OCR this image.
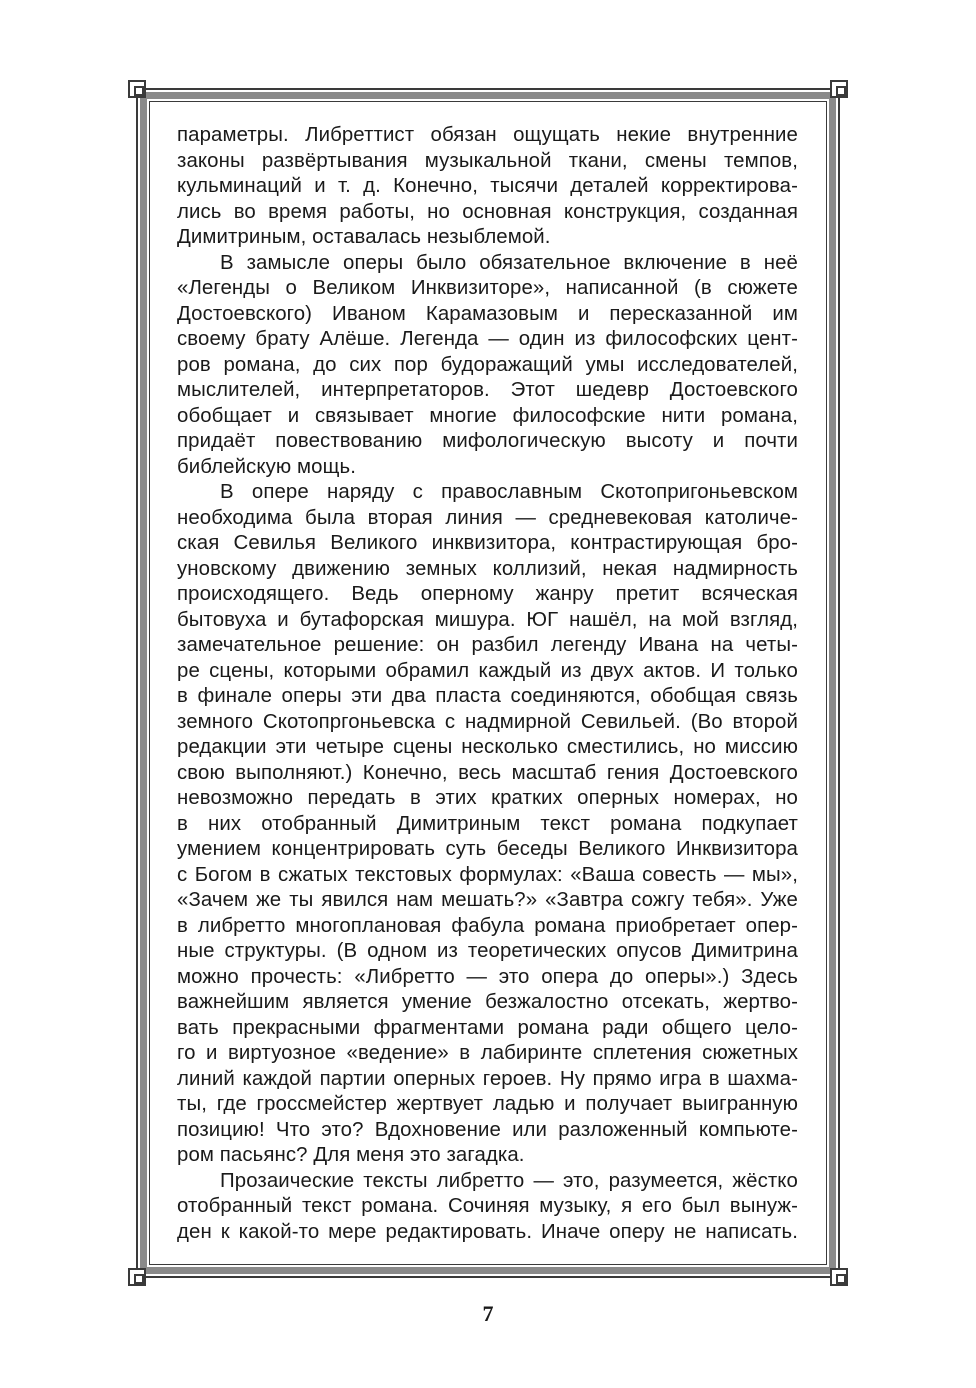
параметры. Либреттист обязан ощущать некие внутренние

законы развёртывания музыкальной ткани, смены темпов,

кульминаций и т. д. Конечно, тысячи деталей корректирова-

лись во время работы, но основная конструкция, созданная

Димитриным, оставалась незыблемой.

В замысле оперы было обязательное включение в неё

«Легенды о Великом Инквизиторе», написанной (в сюжете

Достоевского) Иваном Карамазовым и пересказанной им

своему брату Алёше. Легенда — один из философских цент-

ров романа, до сих пор будоражащий умы исследователей,

мыслителей, интерпретаторов. Этот шедевр Достоевского

обобщает и связывает многие философские нити романа,

придаёт повествованию мифологическую высоту и почти

библейскую мощь.

В опере наряду с православным Скотопригоньевском

необходима была вторая линия — средневековая католиче-

ская Севилья Великого инквизитора, контрастирующая бро-

уновскому движению земных коллизий, некая надмирность

происходящего. Ведь оперному жанру претит всяческая

бытовуха и бутафорская мишура. ЮГ нашёл, на мой взгляд,

замечательное решение: он разбил легенду Ивана на четы-

ре сцены, которыми обрамил каждый из двух актов. И только

в финале оперы эти два пласта соединяются, обобщая связь

земного Скотопргоньевска с надмирной Севильей. (Во второй

редакции эти четыре сцены несколько сместились, но миссию

свою выполняют.) Конечно, весь масштаб гения Достоевского

невозможно передать в этих кратких оперных номерах, но

в них отобранный Димитриным текст романа подкупает

умением концентрировать суть беседы Великого Инквизитора

с Богом в сжатых текстовых формулах: «Ваша совесть — мы»,

«Зачем же ты явился нам мешать?» «Завтра сожгу тебя». Уже

в либретто многоплановая фабула романа приобретает опер-

ные структуры. (В одном из теоретических опусов Димитрина

можно прочесть: «Либретто — это опера до оперы».) Здесь

важнейшим является умение безжалостно отсекать, жертво-

вать прекрасными фрагментами романа ради общего цело-

го и виртуозное «ведение» в лабиринте сплетения сюжетных

линий каждой партии оперных героев. Ну прямо игра в шахма-

ты, где гроссмейстер жертвует ладью и получает выигранную

позицию! Что это? Вдохновение или разложенный компьюте-

ром пасьянс? Для меня это загадка.

Прозаические тексты либретто — это, разумеется, жёстко

отобранный текст романа. Сочиняя музыку, я его был вынуж-

ден к какой-то мере редактировать. Иначе оперу не написать.

7
